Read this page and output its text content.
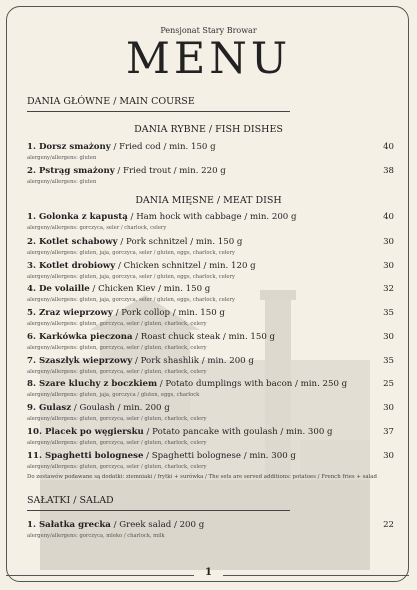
Pensjonat Stary Browar
MENU
DANIA GŁÓWNE / MAIN COURSE
DANIA RYBNE / FISH DISHES
1. Dorsz smażony / Fried cod / min. 150 g
alergeny/allergens: gluten
40
2. Pstrąg smażony / Fried trout / min. 220 g
alergeny/allergens: gluten
38
DANIA MIĘSNE / MEAT DISH
1. Golonka z kapustą / Ham hock with cabbage / min. 200 g
alergeny/allergens: gorczyca, seler / charlock, celery
40
2. Kotlet schabowy / Pork schnitzel / min. 150 g
alergeny/allergens: gluten, jaja, gorczyca, seler / gluten, eggs, charlock, celery
30
3. Kotlet drobiowy / Chicken schnitzel / min. 120 g
alergeny/allergens: gluten, jaja, gorczyca, seler / gluten, eggs, charlock, celery
30
4. De volaille / Chicken Kiev / min. 150 g
alergeny/allergens: gluten, jaja, gorczyca, seler / gluten, eggs, charlock, celery
32
5. Zraz wieprzowy / Pork collop / min. 150 g
alergeny/allergens: gluten, gorczyca, seler / gluten, charlock, celery
35
6. Karkówka pieczona / Roast chuck steak / min. 150 g
alergeny/allergens: gluten, gorczyca, seler / gluten, charlock, celery
30
7. Szaszłyk wieprzowy / Pork shashlik / min. 200 g
alergeny/allergens: gluten, gorczyca, seler / gluten, charlock, celery
35
8. Szare kluchy z boczkiem / Potato dumplings with bacon / min. 250 g
alergeny/allergens: gluten, jaja, gorczyca / gluten, eggs, charlock
25
9. Gulasz / Goulash / min. 200 g
alergeny/allergens: gluten, gorczyca, seler / gluten, charlock, celery
30
10. Placek po węgiersku / Potato pancake with goulash / min. 300 g
alergeny/allergens: gluten, gorczyca, seler / gluten, charlock, celery
37
11. Spaghetti bolognese / Spaghetti bolognese / min. 300 g
alergeny/allergens: gluten, gorczyca, seler / gluten, charlock, celery
30
Do zestawów podawane są dodatki: ziemniaki / frytki + surówka / The sets are served additions: potatoes / French fries + salad
SAŁATKI / SALAD
1. Sałatka grecka / Greek salad / 200 g
alergeny/allergens: gorczyca, mleko / charlock, milk
22
1
